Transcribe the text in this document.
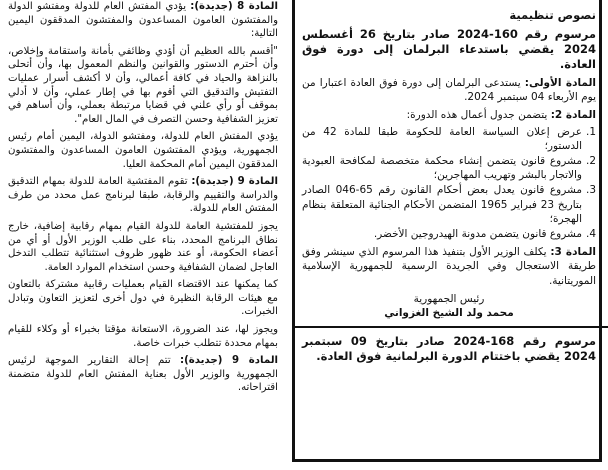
نصوص تنظيمية

مرسوم رقم 160-2024 صادر بتاريخ 26 أغسطس 2024 يقضي باستدعاء البرلمان إلى دورة فوق العادة.

المادة الأولى: يستدعى البرلمان إلى دورة فوق العادة اعتبارا من يوم الأربعاء 04 سبتمبر 2024.

المادة 2: يتضمن جدول أعمال هذه الدورة:

1.
عرض إعلان السياسة العامة للحكومة طبقا للمادة 42 من الدستور؛
2.
مشروع قانون يتضمن إنشاء محكمة متخصصة لمكافحة العبودية والاتجار بالبشر وتهريب المهاجرين؛
3.
مشروع قانون يعدل بعض أحكام القانون رقم 65-046 الصادر بتاريخ 23 فبراير 1965 المتضمن الأحكام الجنائية المتعلقة بنظام الهجرة؛
4.
مشروع قانون يتضمن مدونة الهيدروجين الأخضر.

المادة 3: يكلف الوزير الأول بتنفيذ هذا المرسوم الذي سينشر وفق طريقة الاستعجال وفي الجريدة الرسمية للجمهورية الإسلامية الموريتانية.

رئيس الجمهورية

محمد ولد الشيخ الغزواني

مرسوم رقم 168-2024 صادر بتاريخ 09 سبتمبر 2024 يقضي باختتام الدورة البرلمانية فوق العادة.

المادة 8 (جديدة): يؤدي المفتش العام للدولة ومفتشو الدولة والمفتشون العامون المساعدون والمفتشون المدققون اليمين التالية:

"أقسم بالله العظيم أن أؤدي وظائفي بأمانة واستقامة وإخلاص، وأن أحترم الدستور والقوانين والنظم المعمول بها، وأن أتحلى بالنزاهة والحياد في كافة أعمالي، وأن لا أكشف أسرار عمليات التفتيش والتدقيق التي أقوم بها في إطار عملي، وأن لا أدلي بموقف أو رأي علني في قضايا مرتبطة بعملي، وأن أساهم في تعزيز الشفافية وحسن التصرف في المال العام".

يؤدي المفتش العام للدولة، ومفتشو الدولة، اليمين أمام رئيس الجمهورية، ويؤدي المفتشون العامون المساعدون والمفتشون المدققون اليمين أمام المحكمة العليا.

المادة 9 (جديدة): تقوم المفتشية العامة للدولة بمهام التدقيق والدراسة والتقييم والرقابة، طبقا لبرنامج عمل محدد من طرف المفتش العام للدولة.

يجوز للمفتشية العامة للدولة القيام بمهام رقابية إضافية، خارج نطاق البرنامج المحدد، بناء على طلب الوزير الأول أو أي من أعضاء الحكومة، أو عند ظهور ظروف استثنائية تتطلب التدخل العاجل لضمان الشفافية وحسن استخدام الموارد العامة.

كما يمكنها عند الاقتضاء القيام بعمليات رقابية مشتركة بالتعاون مع هيئات الرقابة النظيرة في دول أخرى لتعزيز التعاون وتبادل الخبرات.

ويجوز لها، عند الضرورة، الاستعانة مؤقتا بخبراء أو وكلاء للقيام بمهام محددة تتطلب خبرات خاصة.

المادة 9 (جديدة): تتم إحالة التقارير الموجهة لرئيس الجمهورية والوزير الأول بعناية المفتش العام للدولة متضمنة اقتراحاته.
